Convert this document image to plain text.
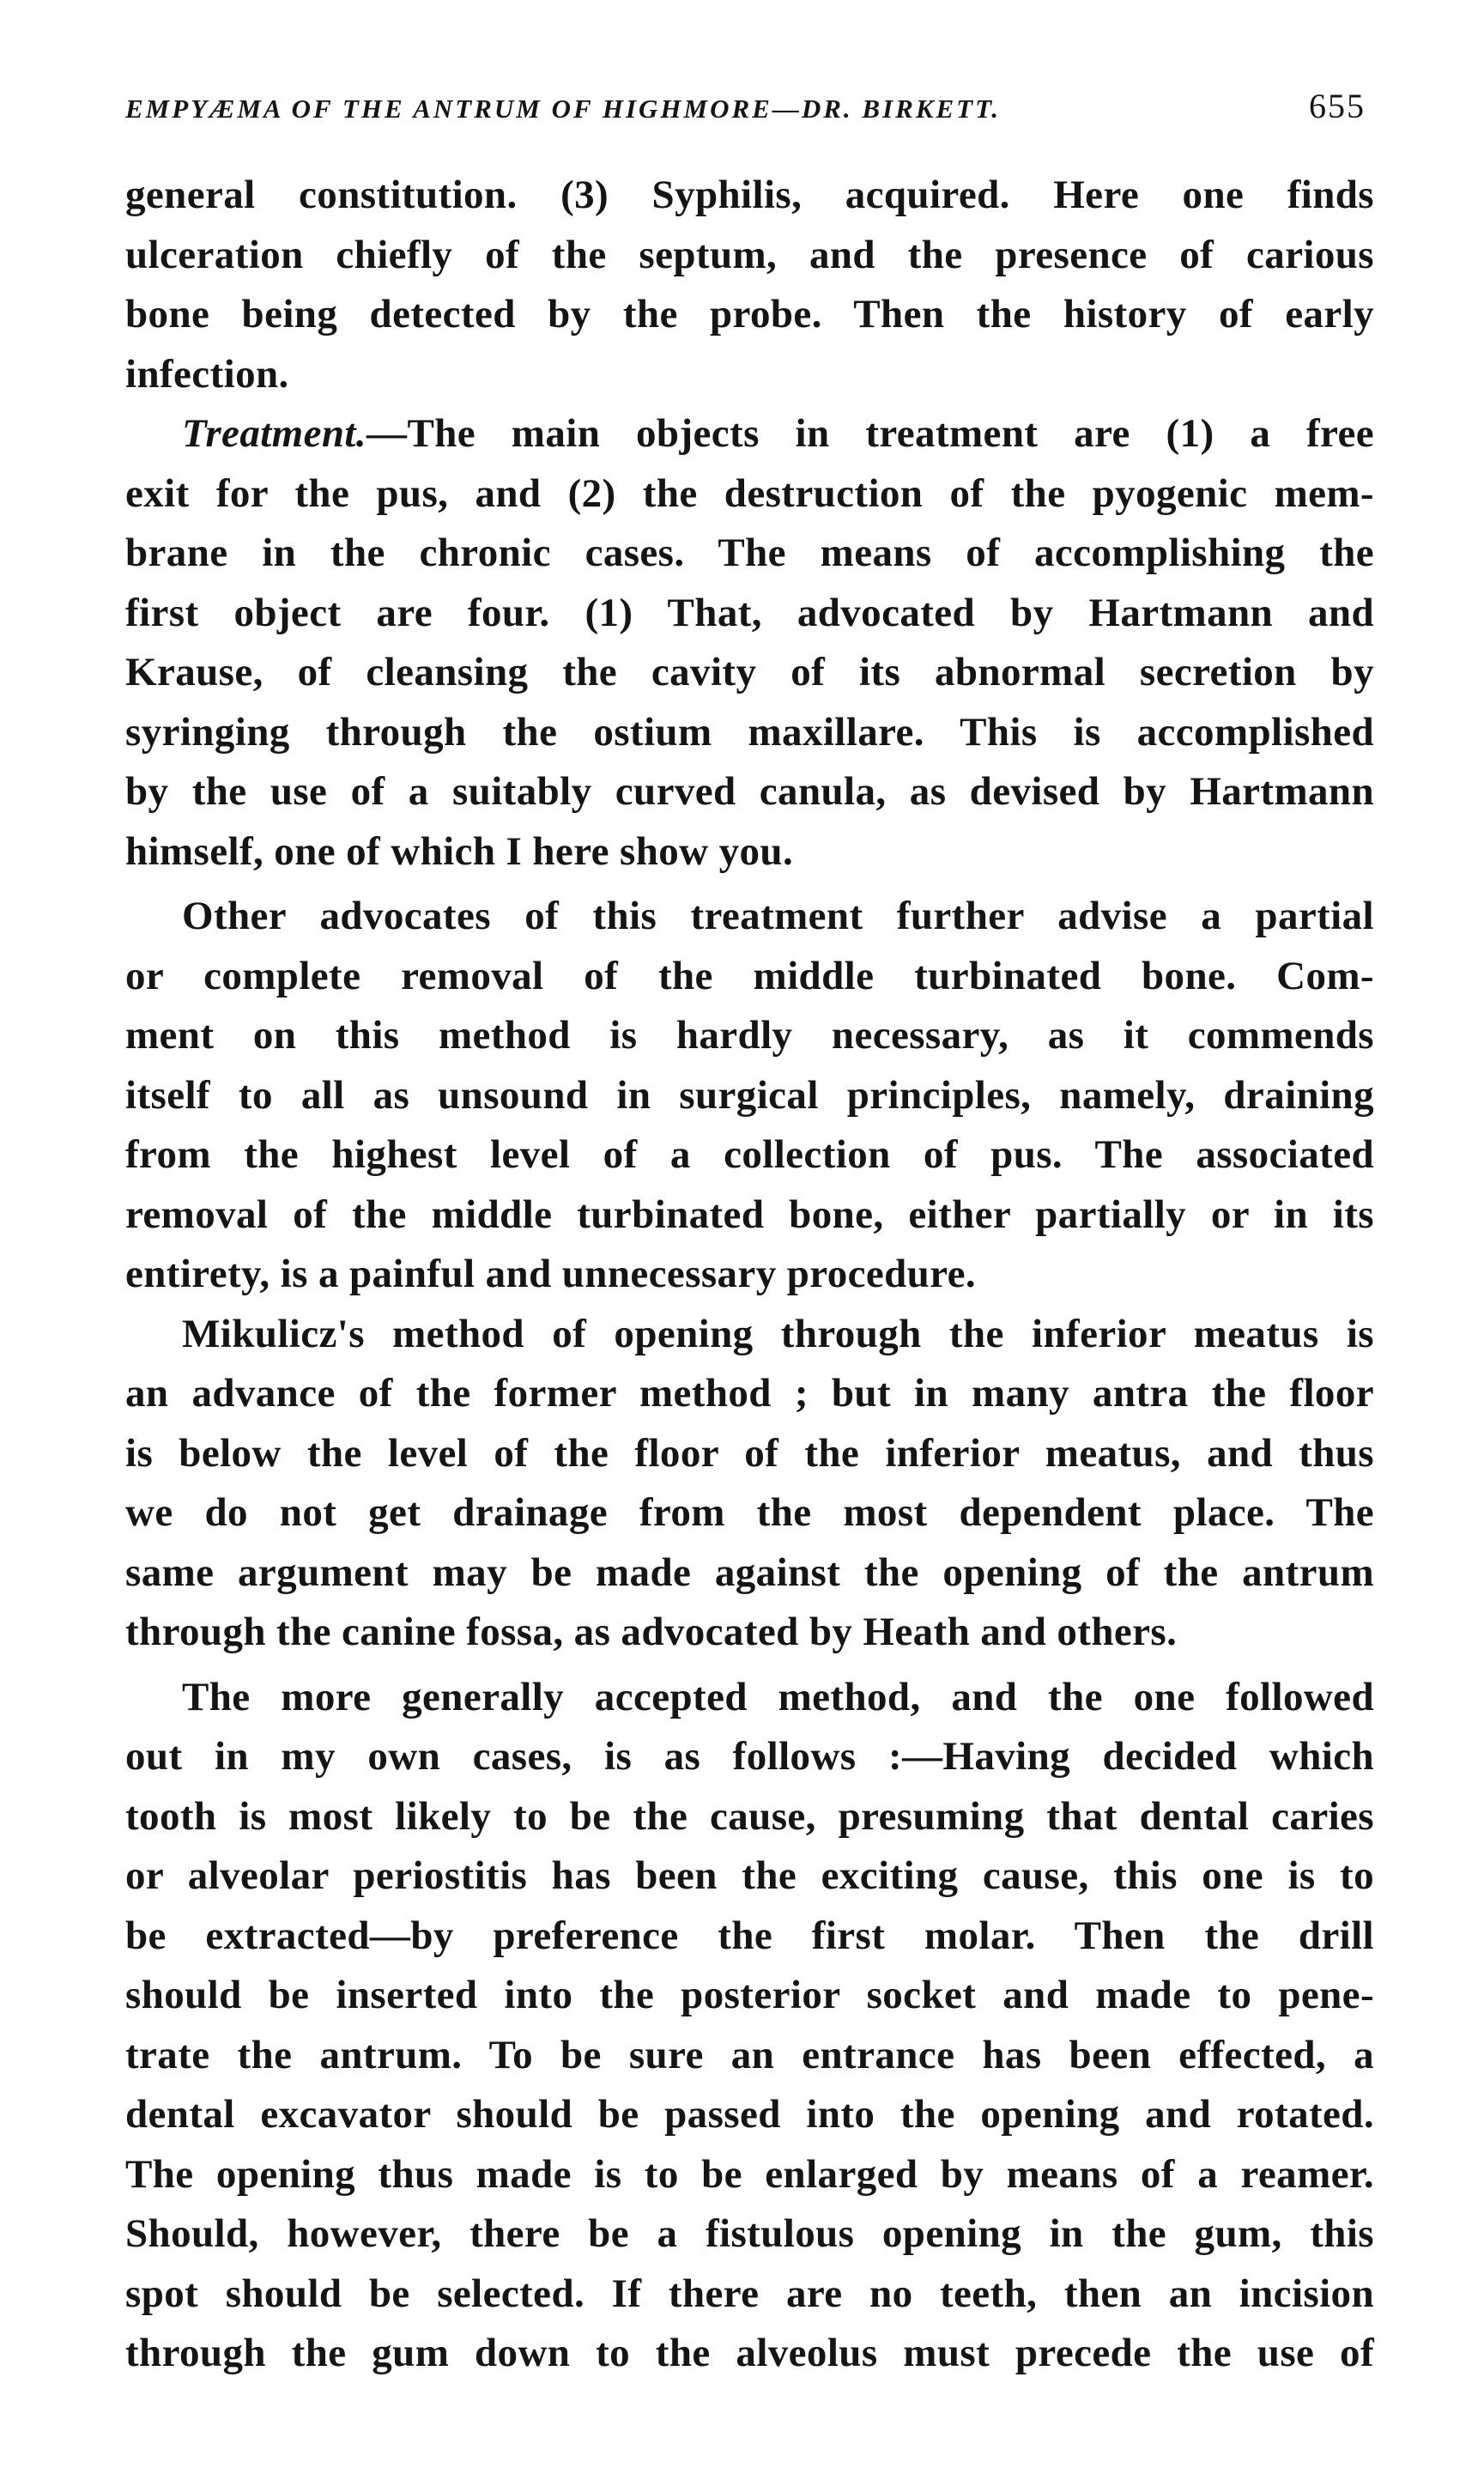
EMPYÆMA OF THE ANTRUM OF HIGHMORE—DR. BIRKETT.	655

general constitution. (3) Syphilis, acquired. Here one finds
ulceration chiefly of the septum, and the presence of carious
bone being detected by the probe. Then the history of early
infection.

Treatment.—The main objects in treatment are (1) a free
exit for the pus, and (2) the destruction of the pyogenic mem-
brane in the chronic cases. The means of accomplishing the
first object are four. (1) That, advocated by Hartmann and
Krause, of cleansing the cavity of its abnormal secretion by
syringing through the ostium maxillare. This is accomplished
by the use of a suitably curved canula, as devised by Hartmann
himself, one of which I here show you.

Other advocates of this treatment further advise a partial
or complete removal of the middle turbinated bone. Com-
ment on this method is hardly necessary, as it commends
itself to all as unsound in surgical principles, namely, draining
from the highest level of a collection of pus. The associated
removal of the middle turbinated bone, either partially or in its
entirety, is a painful and unnecessary procedure.

Mikulicz's method of opening through the inferior meatus is
an advance of the former method ; but in many antra the floor
is below the level of the floor of the inferior meatus, and thus
we do not get drainage from the most dependent place. The
same argument may be made against the opening of the antrum
through the canine fossa, as advocated by Heath and others.

The more generally accepted method, and the one followed
out in my own cases, is as follows :—Having decided which
tooth is most likely to be the cause, presuming that dental caries
or alveolar periostitis has been the exciting cause, this one is to
be extracted—by preference the first molar. Then the drill
should be inserted into the posterior socket and made to pene-
trate the antrum. To be sure an entrance has been effected, a
dental excavator should be passed into the opening and rotated.
The opening thus made is to be enlarged by means of a reamer.
Should, however, there be a fistulous opening in the gum, this
spot should be selected. If there are no teeth, then an incision
through the gum down to the alveolus must precede the use of
